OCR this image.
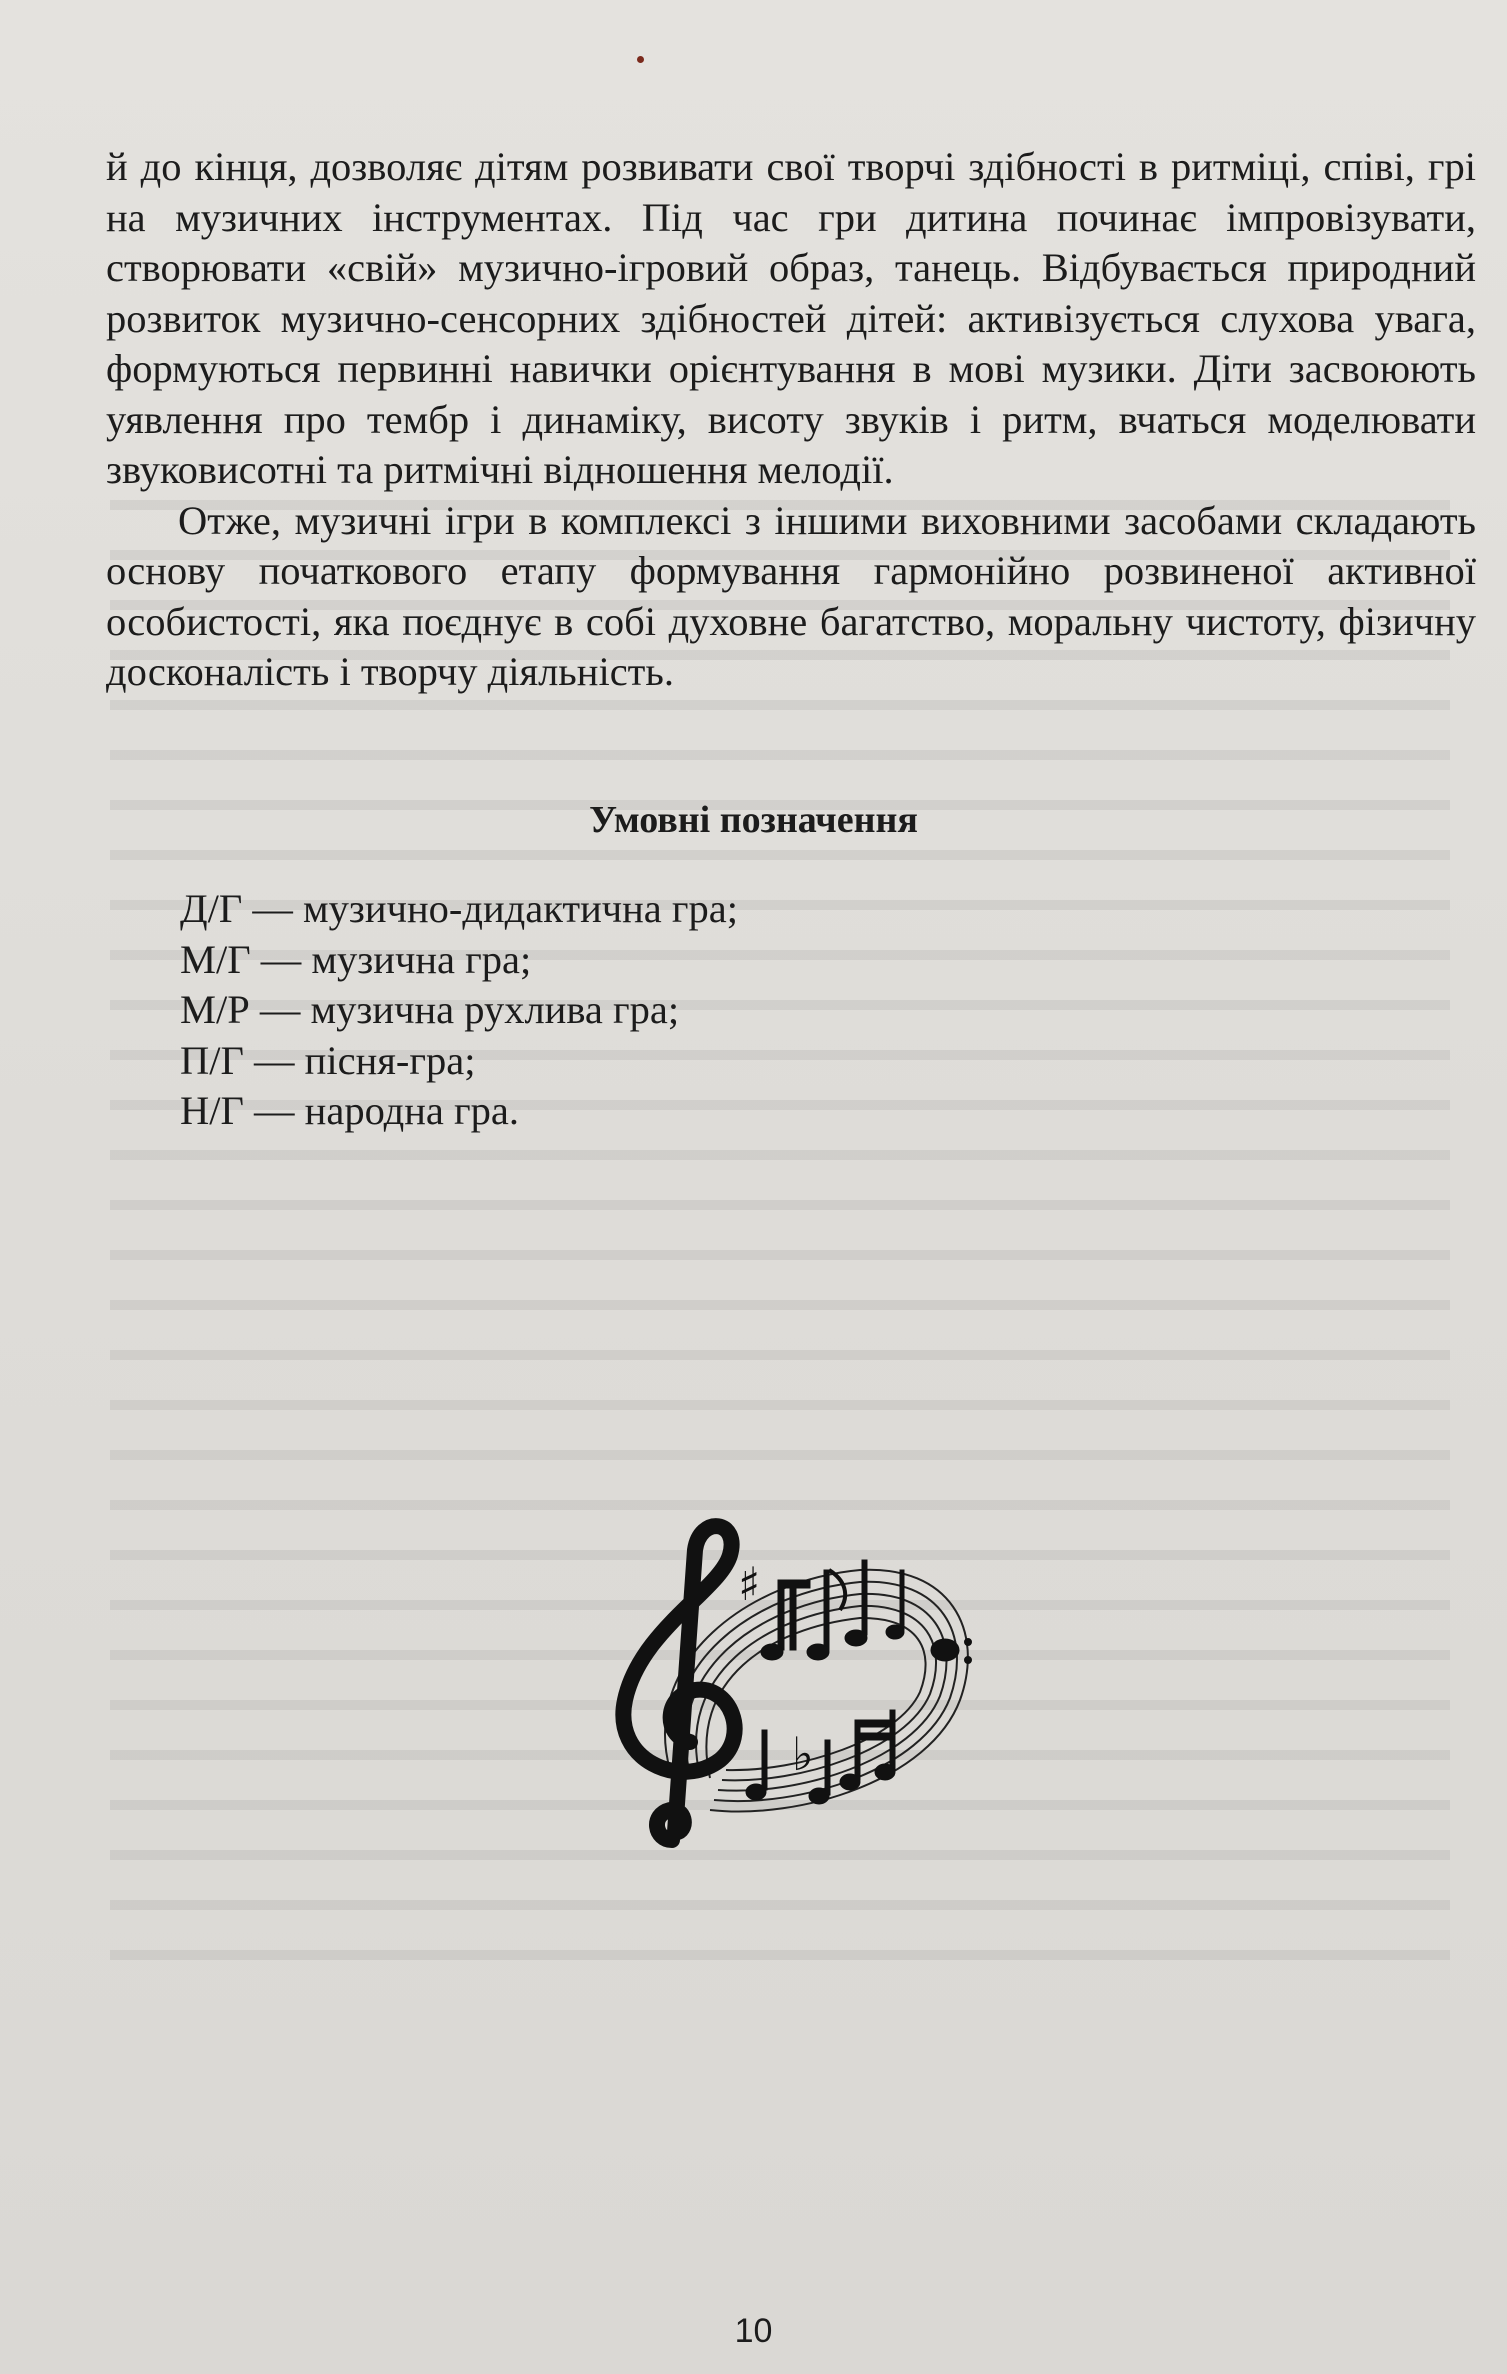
й до кінця, дозволяє дітям розвивати свої творчі здібності в ритміці, співі, грі на музичних інструментах. Під час гри дитина починає імпровізувати, створювати «свій» музично-ігровий образ, танець. Відбувається природний розвиток музично-сенсорних здібностей дітей: активізується слухова увага, формуються первинні навички орієнтування в мові музики. Діти засвоюють уявлення про тембр і динаміку, висоту звуків і ритм, вчаться моделювати звуковисотні та ритмічні відношення мелодії.

Отже, музичні ігри в комплексі з іншими виховними засобами складають основу початкового етапу формування гармонійно розвиненої активної особистості, яка поєднує в собі духовне багатство, моральну чистоту, фізичну досконалість і творчу діяльність.

Умовні позначення
Д/Г — музично-дидактична гра;
М/Г — музична гра;
М/Р — музична рухлива гра;
П/Г — пісня-гра;
Н/Г — народна гра.
♯
♭
10
